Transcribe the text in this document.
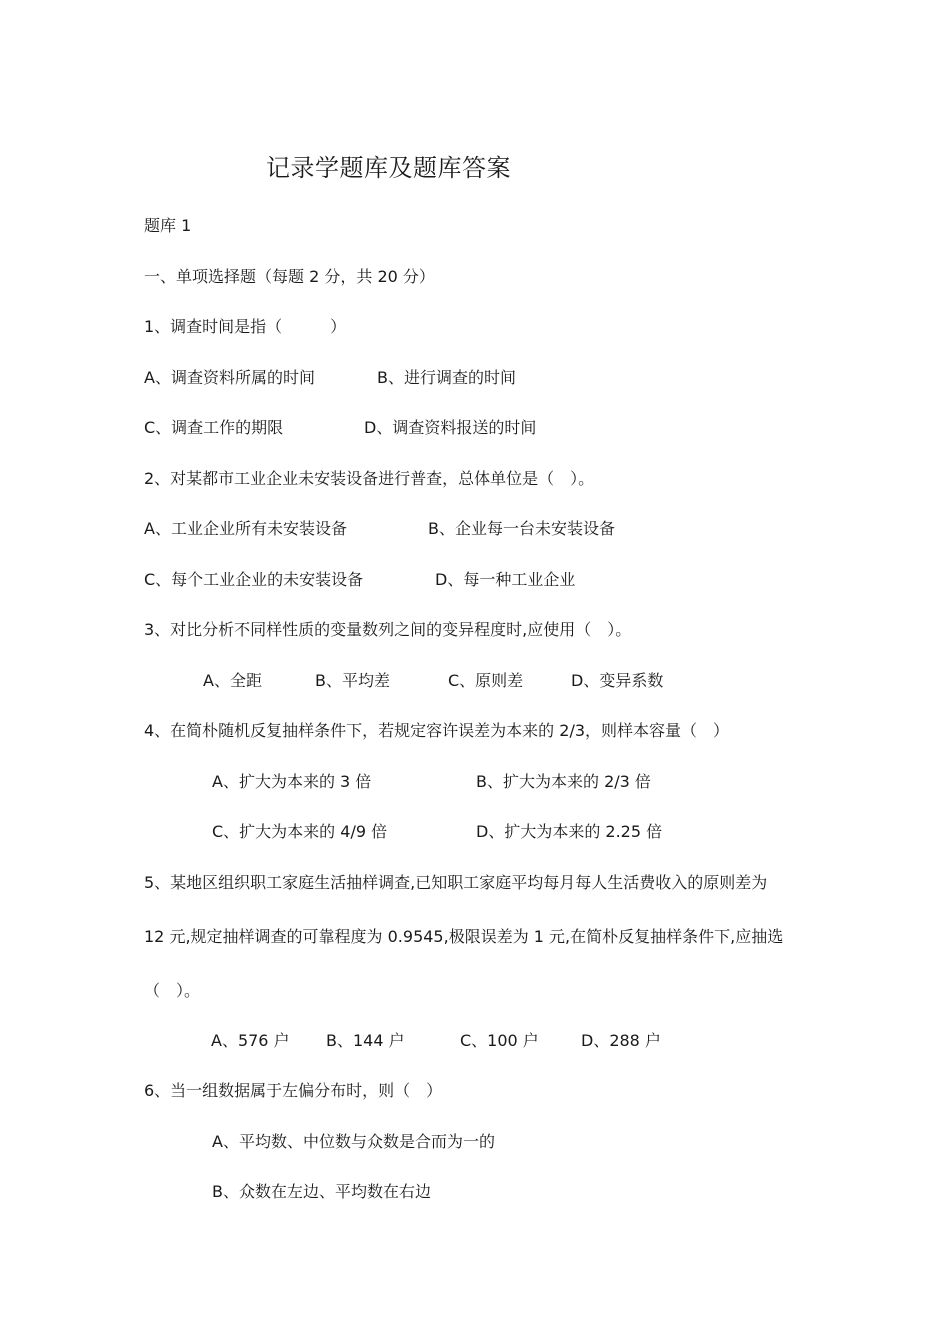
记录学题库及题库答案
题库 1
一、单项选择题（每题 2 分，共 20 分）
1、调查时间是指（　　　）
A、调查资料所属的时间	B、进行调查的时间
C、调查工作的期限	D、调查资料报送的时间
2、对某都市工业企业未安装设备进行普查，总体单位是（　）。
A、工业企业所有未安装设备	B、企业每一台未安装设备
C、每个工业企业的未安装设备	D、每一种工业企业
3、对比分析不同样性质的变量数列之间的变异程度时,应使用（　）。
A、全距	B、平均差	C、原则差	D、变异系数
4、在简朴随机反复抽样条件下，若规定容许误差为本来的 2/3，则样本容量（　）
A、扩大为本来的 3 倍	B、扩大为本来的 2/3 倍
C、扩大为本来的 4/9 倍	D、扩大为本来的 2.25 倍
5、某地区组织职工家庭生活抽样调查,已知职工家庭平均每月每人生活费收入的原则差为
12 元,规定抽样调查的可靠程度为 0.9545,极限误差为 1 元,在简朴反复抽样条件下,应抽选
（　）。
A、576 户 B、144 户	C、100 户	D、288 户
6、当一组数据属于左偏分布时，则（　）
A、平均数、中位数与众数是合而为一的
B、众数在左边、平均数在右边
